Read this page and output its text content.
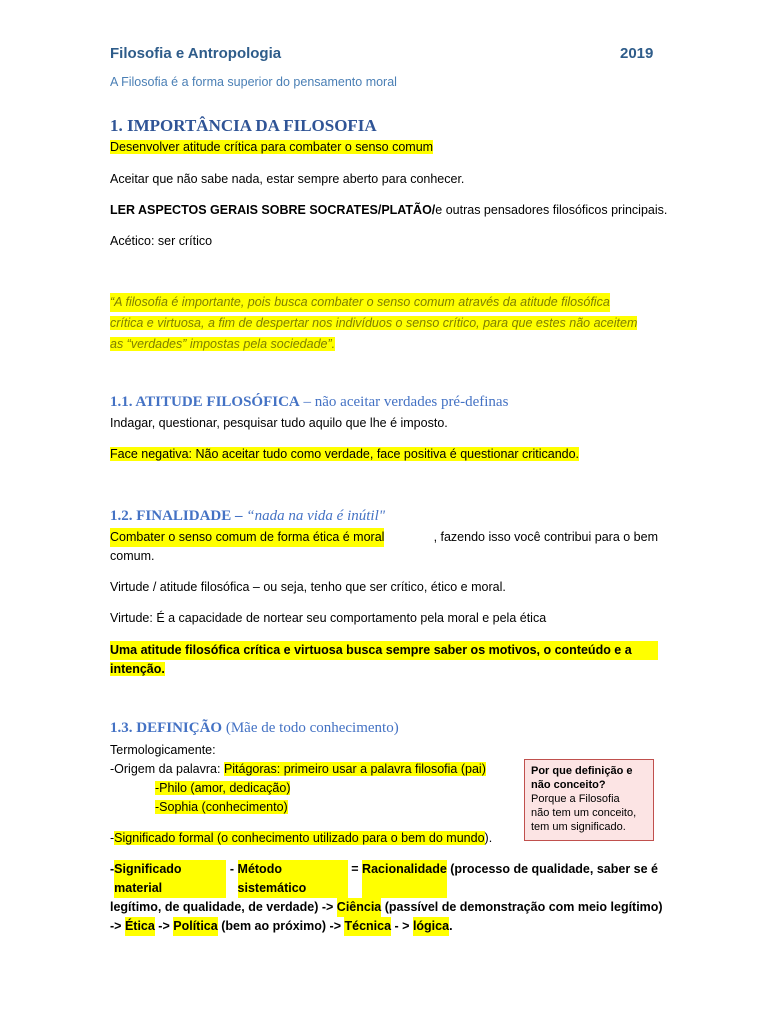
Filosofia e Antropologia	2019
A Filosofia é a forma superior do pensamento moral
1. IMPORTÂNCIA DA FILOSOFIA
Desenvolver atitude crítica para combater o senso comum
Aceitar que não sabe nada, estar sempre aberto para conhecer.
LER ASPECTOS GERAIS SOBRE SOCRATES/PLATÃO/e outras pensadores filosóficos principais.
Acético: ser crítico
“A filosofia é importante, pois busca combater o senso comum através da atitude filosófica
crítica e virtuosa, a fim de despertar nos indivíduos o senso crítico, para que estes não aceitem
as “verdades” impostas pela sociedade”.
1.1. ATITUDE FILOSÓFICA – não aceitar verdades pré-definas
Indagar, questionar, pesquisar tudo aquilo que lhe é imposto.
Face negativa: Não aceitar tudo como verdade, face positiva é questionar criticando.
1.2. FINALIDADE – “nada na vida é inútil"
Combater o senso comum de forma ética é moral	, fazendo isso você contribui para o bem
comum.
Virtude / atitude filosófica – ou seja, tenho que ser crítico, ético e moral.
Virtude: É a capacidade de nortear seu comportamento pela moral e pela ética
Uma atitude filosófica crítica e virtuosa busca sempre saber os motivos, o conteúdo e a
intenção.
1.3. DEFINIÇÃO (Mãe de todo conhecimento)
Termologicamente:
-Origem da palavra: Pitágoras: primeiro usar a palavra filosofia (pai)
-Philo (amor, dedicação)
-Sophia (conhecimento)
-Significado formal (o conhecimento utilizado para o bem do mundo).
- Significado material
- Método sistemático
= Racionalidade (processo de qualidade, saber se é
legítimo, de qualidade, de verdade) -> Ciência (passível de demonstração com meio legítimo)
-> Ética -> Política (bem ao próximo) -> Técnica - > lógica .
Por que definição e
não conceito?
Porque a Filosofia
não tem um conceito,
tem um significado.
